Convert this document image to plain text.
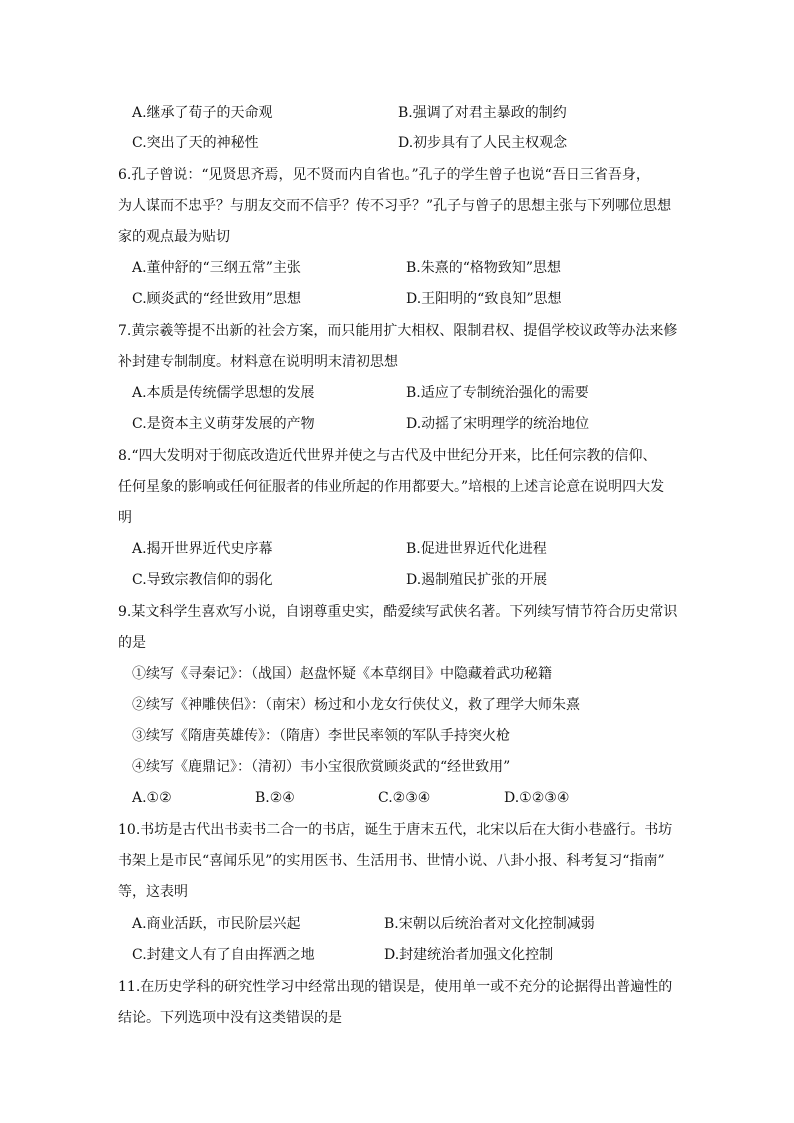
A.继承了荀子的天命观	B.强调了对君主暴政的制约
C.突出了天的神秘性	D.初步具有了人民主权观念
6.孔子曾说：“见贤思齐焉，见不贤而内自省也。”孔子的学生曾子也说“吾日三省吾身，
为人谋而不忠乎？与朋友交而不信乎？传不习乎？”孔子与曾子的思想主张与下列哪位思想
家的观点最为贴切
A.董仲舒的“三纲五常”主张	B.朱熹的“格物致知”思想
C.顾炎武的“经世致用”思想	D.王阳明的“致良知”思想
7.黄宗羲等提不出新的社会方案，而只能用扩大相权、限制君权、提倡学校议政等办法来修
补封建专制制度。材料意在说明明末清初思想
A.本质是传统儒学思想的发展	B.适应了专制统治强化的需要
C.是资本主义萌芽发展的产物	D.动摇了宋明理学的统治地位
8.“四大发明对于彻底改造近代世界并使之与古代及中世纪分开来，比任何宗教的信仰、
任何星象的影响或任何征服者的伟业所起的作用都要大。”培根的上述言论意在说明四大发
明
A.揭开世界近代史序幕	B.促进世界近代化进程
C.导致宗教信仰的弱化	D.遏制殖民扩张的开展
9.某文科学生喜欢写小说，自诩尊重史实，酷爱续写武侠名著。下列续写情节符合历史常识
的是
①续写《寻秦记》：（战国）赵盘怀疑《本草纲目》中隐藏着武功秘籍
②续写《神雕侠侣》：（南宋）杨过和小龙女行侠仗义，救了理学大师朱熹
③续写《隋唐英雄传》：（隋唐）李世民率领的军队手持突火枪
④续写《鹿鼎记》：（清初）韦小宝很欣赏顾炎武的“经世致用”
A.①②	B.②④	C.②③④	D.①②③④
10.书坊是古代出书卖书二合一的书店，诞生于唐末五代，北宋以后在大街小巷盛行。书坊
书架上是市民“喜闻乐见”的实用医书、生活用书、世情小说、八卦小报、科考复习“指南”
等，这表明
A.商业活跃，市民阶层兴起	B.宋朝以后统治者对文化控制减弱
C.封建文人有了自由挥洒之地	D.封建统治者加强文化控制
11.在历史学科的研究性学习中经常出现的错误是，使用单一或不充分的论据得出普遍性的
结论。下列选项中没有这类错误的是
